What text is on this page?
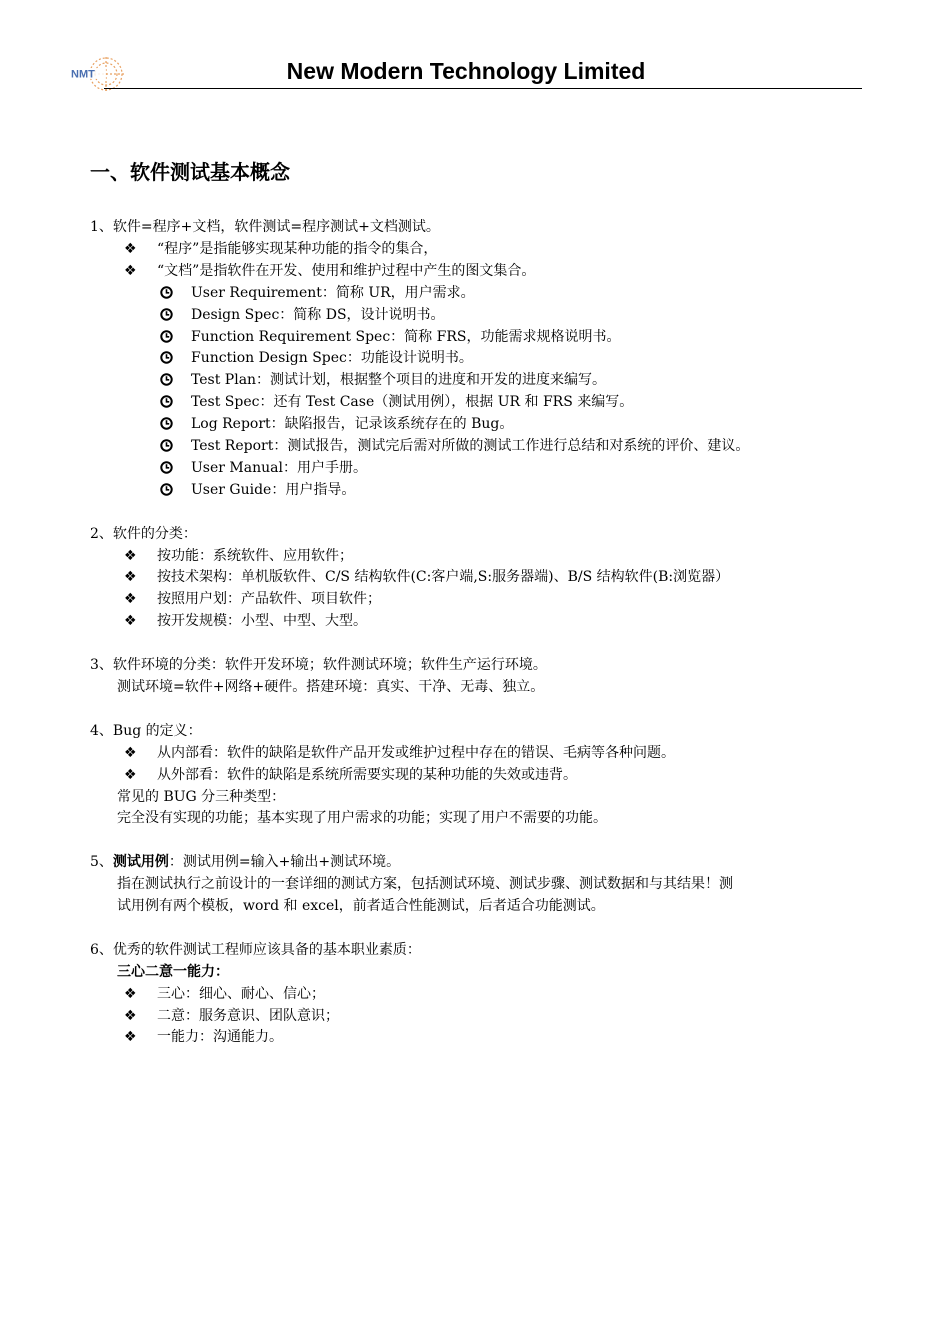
NMT	New Modern Technology Limited
一、软件测试基本概念
1、软件=程序+文档，软件测试=程序测试+文档测试。
❖ “程序”是指能够实现某种功能的指令的集合，
❖ “文档”是指软件在开发、使用和维护过程中产生的图文集合。
User Requirement：简称 UR，用户需求。
Design Spec：简称 DS，设计说明书。
Function Requirement Spec：简称 FRS，功能需求规格说明书。
Function Design Spec：功能设计说明书。
Test Plan：测试计划，根据整个项目的进度和开发的进度来编写。
Test Spec：还有 Test Case（测试用例），根据 UR 和 FRS 来编写。
Log Report：缺陷报告，记录该系统存在的 Bug。
Test Report：测试报告，测试完后需对所做的测试工作进行总结和对系统的评价、建议。
User Manual：用户手册。
User Guide：用户指导。
2、软件的分类：
❖ 按功能：系统软件、应用软件；
❖ 按技术架构：单机版软件、C/S 结构软件(C:客户端,S:服务器端)、B/S 结构软件(B:浏览器）
❖ 按照用户划：产品软件、项目软件；
❖ 按开发规模：小型、中型、大型。
3、软件环境的分类：软件开发环境；软件测试环境；软件生产运行环境。
测试环境=软件+网络+硬件。搭建环境：真实、干净、无毒、独立。
4、Bug 的定义：
❖ 从内部看：软件的缺陷是软件产品开发或维护过程中存在的错误、毛病等各种问题。
❖ 从外部看：软件的缺陷是系统所需要实现的某种功能的失效或违背。
常见的 BUG 分三种类型：
完全没有实现的功能；基本实现了用户需求的功能；实现了用户不需要的功能。
5、测试用例：测试用例=输入+输出+测试环境。
指在测试执行之前设计的一套详细的测试方案，包括测试环境、测试步骤、测试数据和与其结果！测
试用例有两个模板，word 和 excel，前者适合性能测试，后者适合功能测试。
6、优秀的软件测试工程师应该具备的基本职业素质：
三心二意一能力：
❖ 三心：细心、耐心、信心；
❖ 二意：服务意识、团队意识；
❖ 一能力：沟通能力。
